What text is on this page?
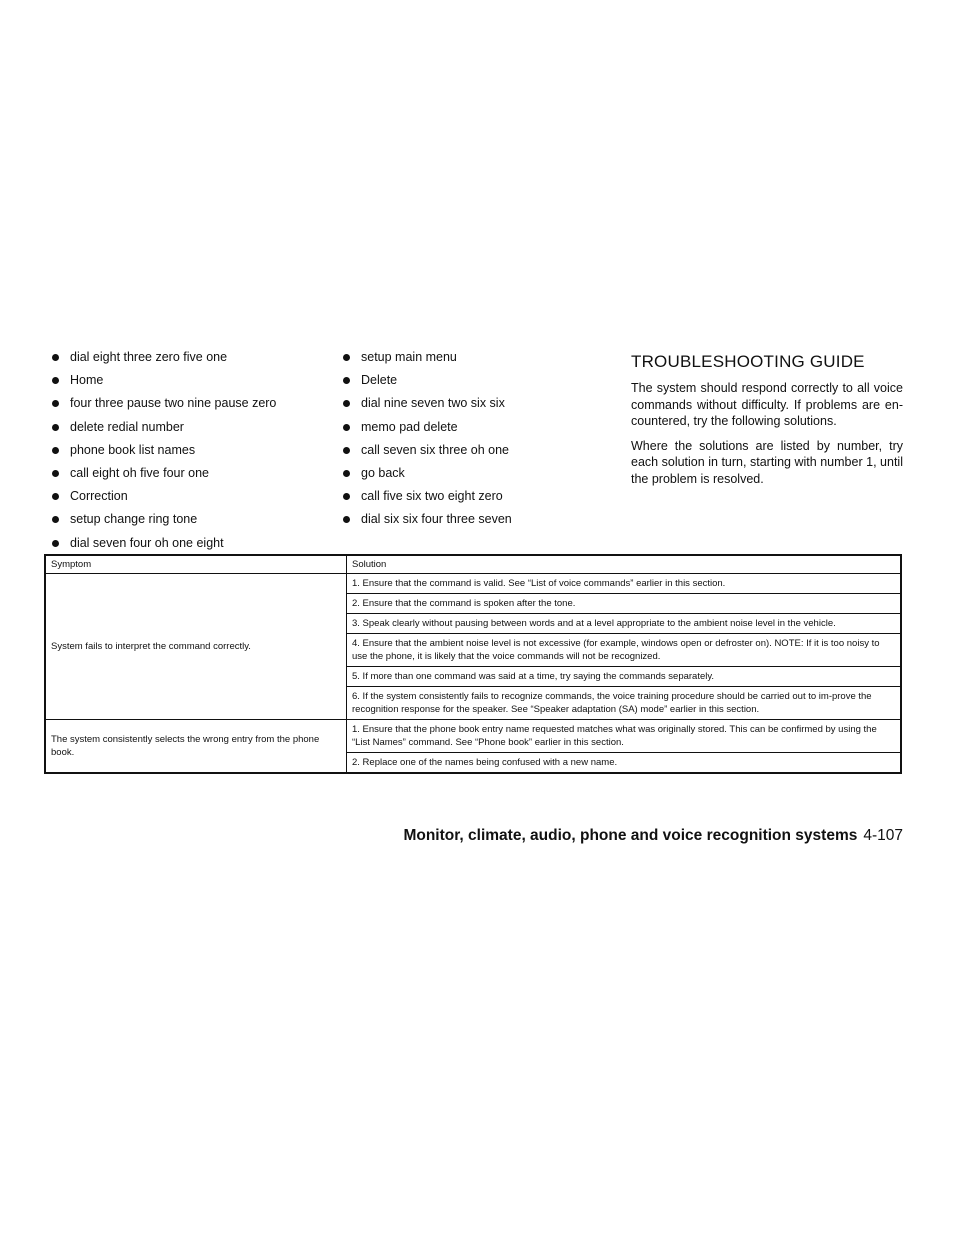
dial eight three zero five one
Home
four three pause two nine pause zero
delete redial number
phone book list names
call eight oh five four one
Correction
setup change ring tone
dial seven four oh one eight
setup main menu
Delete
dial nine seven two six six
memo pad delete
call seven six three oh one
go back
call five six two eight zero
dial six six four three seven
TROUBLESHOOTING GUIDE

The system should respond correctly to all voice commands without difficulty. If problems are en-countered, try the following solutions.

Where the solutions are listed by number, try each solution in turn, starting with number 1, until the problem is resolved.

Symptom	Solution
System fails to interpret the command correctly.	1. Ensure that the command is valid. See “List of voice commands” earlier in this section.
	2. Ensure that the command is spoken after the tone.
	3. Speak clearly without pausing between words and at a level appropriate to the ambient noise level in the vehicle.
	4. Ensure that the ambient noise level is not excessive (for example, windows open or defroster on). NOTE: If it is too noisy to use the phone, it is likely that the voice commands will not be recognized.
	5. If more than one command was said at a time, try saying the commands separately.
	6. If the system consistently fails to recognize commands, the voice training procedure should be carried out to im-prove the recognition response for the speaker. See “Speaker adaptation (SA) mode” earlier in this section.
The system consistently selects the wrong entry from the phone book.	1. Ensure that the phone book entry name requested matches what was originally stored. This can be confirmed by using the “List Names” command. See “Phone book” earlier in this section.
	2. Replace one of the names being confused with a new name.
Monitor, climate, audio, phone and voice recognition systems 4-107
